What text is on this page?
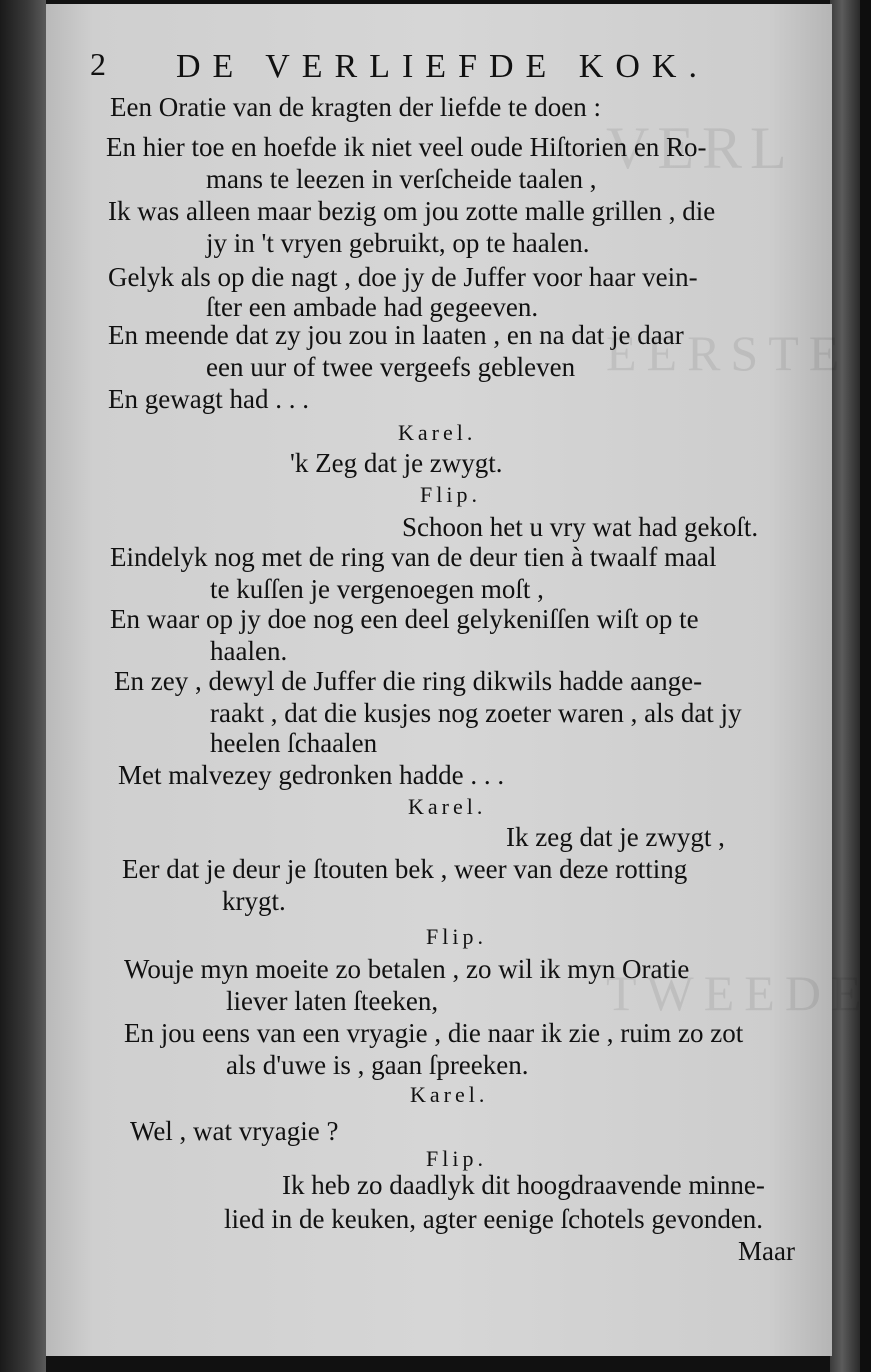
VERL
EERSTE
TWEEDE
2 DE VERLIEFDE KOK.
Een Oratie van de kragten der liefde te doen :
En hier toe en hoefde ik niet veel oude Hiſtorien en Ro-
mans te leezen in verſcheide taalen ,
Ik was alleen maar bezig om jou zotte malle grillen , die
jy in 't vryen gebruikt, op te haalen.
Gelyk als op die nagt , doe jy de Juffer voor haar vein-
ſter een ambade had gegeeven.
En meende dat zy jou zou in laaten , en na dat je daar
een uur of twee vergeefs gebleven
En gewagt had . . .
Karel.
'k Zeg dat je zwygt.
Flip.
Schoon het u vry wat had gekoſt.
Eindelyk nog met de ring van de deur tien à twaalf maal
te kuſſen je vergenoegen moſt ,
En waar op jy doe nog een deel gelykeniſſen wiſt op te
haalen.
En zey , dewyl de Juffer die ring dikwils hadde aange-
raakt , dat die kusjes nog zoeter waren , als dat jy
heelen ſchaalen
Met malvezey gedronken hadde . . .
Karel.
Ik zeg dat je zwygt ,
Eer dat je deur je ſtouten bek , weer van deze rotting
krygt.
Flip.
Wouje myn moeite zo betalen , zo wil ik myn Oratie
liever laten ſteeken,
En jou eens van een vryagie , die naar ik zie , ruim zo zot
als d'uwe is , gaan ſpreeken.
Karel.
Wel , wat vryagie ?
Flip.
Ik heb zo daadlyk dit hoogdraavende minne-
lied in de keuken, agter eenige ſchotels gevonden.
Maar
